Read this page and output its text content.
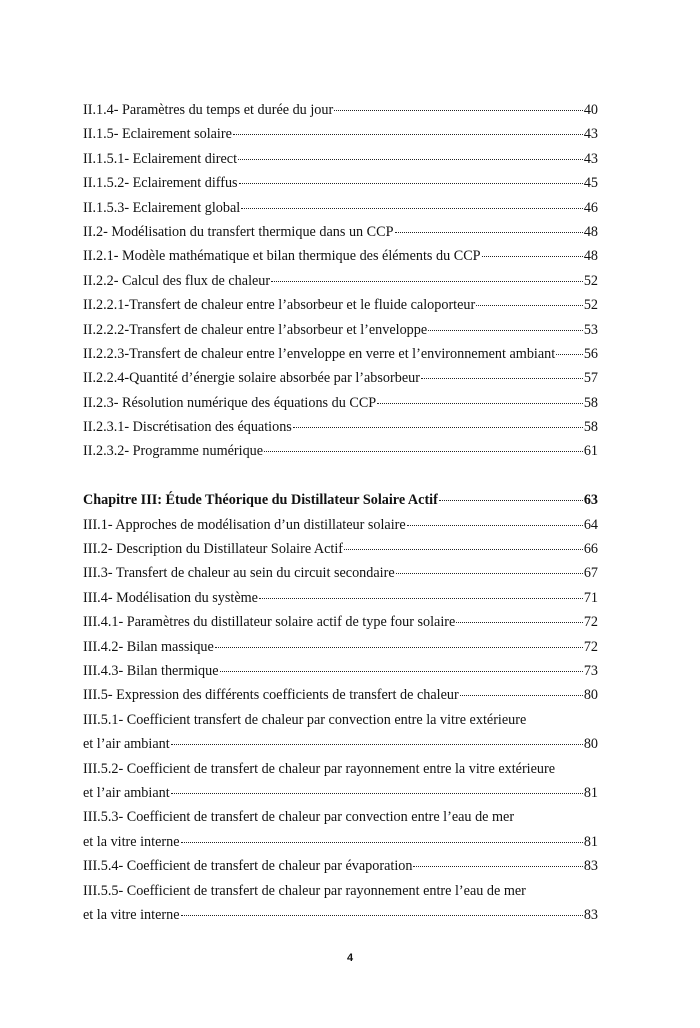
II.1.4- Paramètres du temps et durée du jour	40
II.1.5- Eclairement solaire	43
II.1.5.1- Eclairement direct	43
II.1.5.2- Eclairement diffus	45
II.1.5.3- Eclairement global	46
II.2- Modélisation du transfert thermique dans un CCP	48
II.2.1- Modèle mathématique et bilan thermique des éléments du CCP	48
II.2.2- Calcul des flux de chaleur	52
II.2.2.1-Transfert de chaleur entre l’absorbeur et le fluide caloporteur	52
II.2.2.2-Transfert de chaleur entre l’absorbeur et l’enveloppe	53
II.2.2.3-Transfert de chaleur entre l’enveloppe en verre et l’environnement ambiant 56
II.2.2.4-Quantité d’énergie solaire absorbée par l’absorbeur	57
II.2.3- Résolution numérique des équations du CCP	58
II.2.3.1- Discrétisation des équations	58
II.2.3.2- Programme numérique	61
Chapitre III: Étude Théorique du Distillateur Solaire Actif	63
III.1- Approches de modélisation d’un distillateur solaire	64
III.2- Description du Distillateur Solaire Actif	66
III.3- Transfert de chaleur au sein du circuit secondaire	67
III.4- Modélisation du système	71
III.4.1- Paramètres du distillateur solaire actif de type four solaire	72
III.4.2- Bilan massique	72
III.4.3- Bilan thermique	73
III.5- Expression des différents coefficients de transfert de chaleur	80
III.5.1- Coefficient transfert de chaleur par convection entre la vitre extérieure
et l’air ambiant	80
III.5.2- Coefficient de transfert de chaleur par rayonnement entre la vitre extérieure
et l’air ambiant	81
III.5.3- Coefficient de transfert de chaleur par convection entre l’eau de mer
et la vitre interne	81
III.5.4- Coefficient de transfert de chaleur par évaporation	83
III.5.5- Coefficient de transfert de chaleur par rayonnement entre l’eau de mer
et la vitre interne	83
4
